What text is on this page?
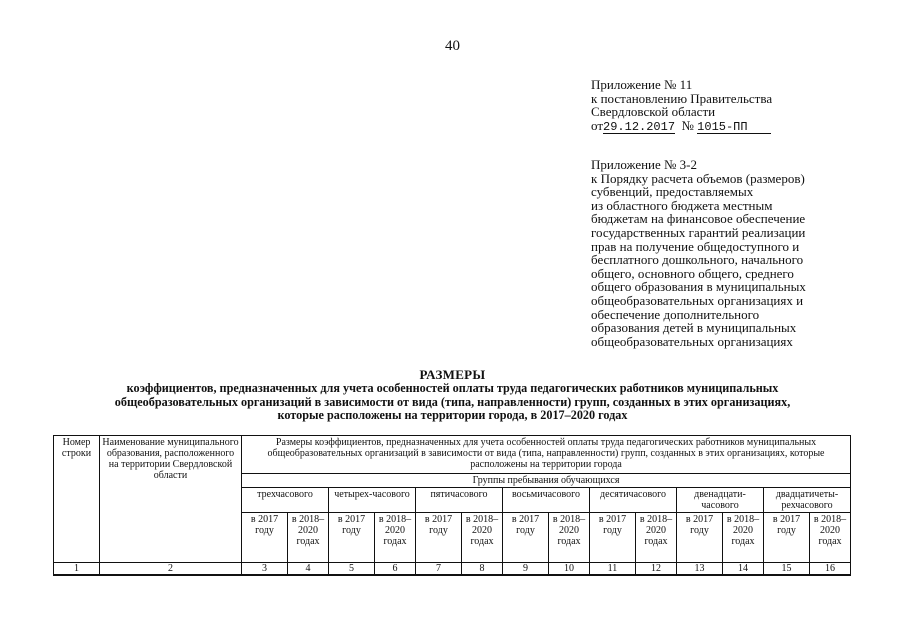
40
Приложение № 11
к постановлению Правительства
Свердловской области
от29.12.2017 № 1015-ПП
Приложение № 3-2
к Порядку расчета объемов (размеров)
субвенций, предоставляемых
из областного бюджета местным
бюджетам на финансовое обеспечение
государственных гарантий реализации
прав на получение общедоступного и
бесплатного дошкольного, начального
общего, основного общего, среднего
общего образования в муниципальных
общеобразовательных организациях и
обеспечение дополнительного
образования детей в муниципальных
общеобразовательных организациях
РАЗМЕРЫ
коэффициентов, предназначенных для учета особенностей оплаты труда педагогических работников муниципальных
общеобразовательных организаций в зависимости от вида (типа, направленности) групп, созданных в этих организациях,
которые расположены на территории города, в 2017–2020 годах
Номер строки	Наименование муниципального образования, расположенного на территории Свердловской области	Размеры коэффициентов, предназначенных для учета особенностей оплаты труда педагогических работников муниципальных общеобразовательных организаций в зависимости от вида (типа, направленности) групп, созданных в этих организациях, которые расположены на территории города													
		Группы пребывания обучающихся													
		трехчасового		четырех-часового		пятичасового		восьмичасового		десятичасового		двенадцати-часового		двадцатичеты-рехчасового	
		в 2017 году	в 2018–2020 годах	в 2017 году	в 2018–2020 годах	в 2017 году	в 2018–2020 годах	в 2017 году	в 2018–2020 годах	в 2017 году	в 2018–2020 годах	в 2017 году	в 2018–2020 годах	в 2017 году	в 2018–2020 годах
1	2	3	4	5	6	7	8	9	10	11	12	13	14	15	16
